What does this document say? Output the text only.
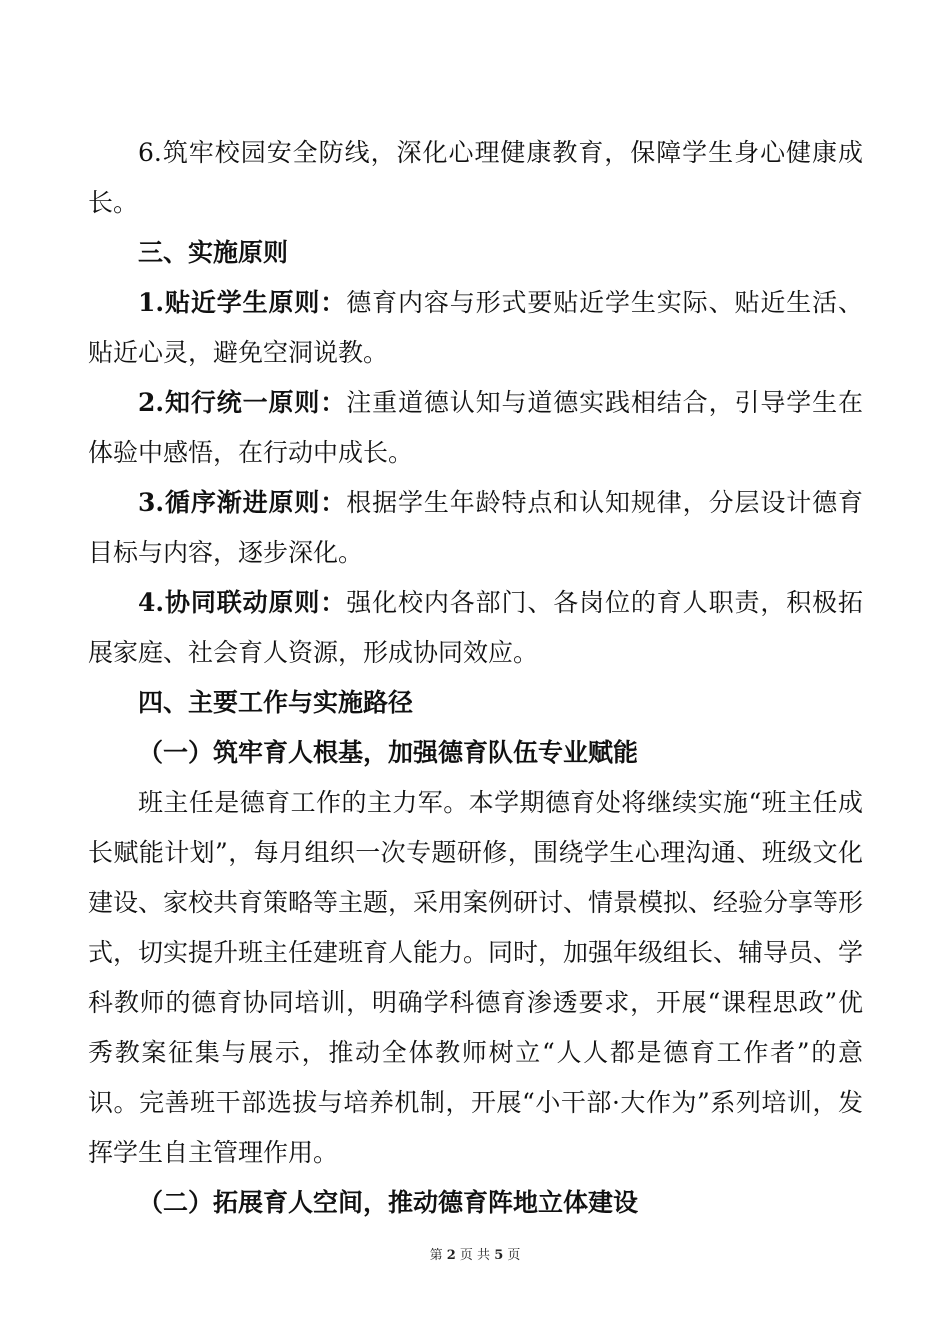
6.筑牢校园安全防线，深化心理健康教育，保障学生身心健康成长。

三、实施原则

1.贴近学生原则：德育内容与形式要贴近学生实际、贴近生活、贴近心灵，避免空洞说教。

2.知行统一原则：注重道德认知与道德实践相结合，引导学生在体验中感悟，在行动中成长。

3.循序渐进原则：根据学生年龄特点和认知规律，分层设计德育目标与内容，逐步深化。

4.协同联动原则：强化校内各部门、各岗位的育人职责，积极拓展家庭、社会育人资源，形成协同效应。

四、主要工作与实施路径

（一）筑牢育人根基，加强德育队伍专业赋能

班主任是德育工作的主力军。本学期德育处将继续实施“班主任成长赋能计划”，每月组织一次专题研修，围绕学生心理沟通、班级文化建设、家校共育策略等主题，采用案例研讨、情景模拟、经验分享等形式，切实提升班主任建班育人能力。同时，加强年级组长、辅导员、学科教师的德育协同培训，明确学科德育渗透要求，开展“课程思政”优秀教案征集与展示，推动全体教师树立“人人都是德育工作者”的意识。完善班干部选拔与培养机制，开展“小干部·大作为”系列培训，发挥学生自主管理作用。

（二）拓展育人空间，推动德育阵地立体建设

第 2 页 共 5 页
